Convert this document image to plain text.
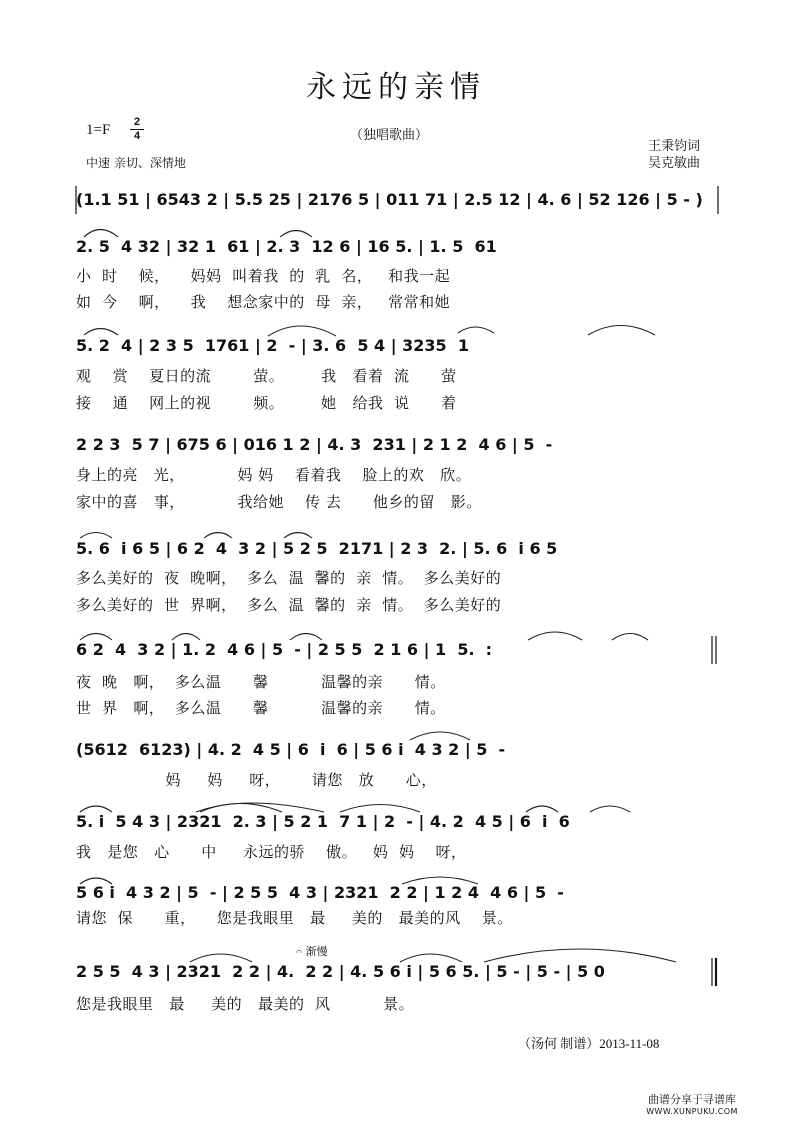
永远的亲情
1=F	2
4	（独唱歌曲）
王秉钧词
吴克敏曲
中速 亲切、深情地
(1.1 51 | 6543 2 | 5.5 25 | 2176 5 | 011 71 | 2.5 12 | 4. 6 | 52 126 | 5 - )
2. 5  4 32 | 32 1  61 | 2. 3  12 6 | 16 5. | 1. 5  61
小  时    候，    妈妈  叫着我  的  乳  名，   和我一起
如  今    啊，    我    想念家中的  母  亲，   常常和她
5. 2  4 | 2 3 5  1761 | 2  - | 3. 6  5 4 | 3235  1
观    赏    夏日的流        萤。       我   看着  流      萤
接    通    网上的视        频。       她   给我  说      着
2 2 3  5 7 | 675 6 | 016 1 2 | 4. 3  231 | 2 1 2  4 6 | 5  -
身上的亮   光，          妈 妈    看着我    脸上的欢   欣。
家中的喜   事，          我给她    传 去      他乡的留   影。
5. 6  i 6 5 | 6 2  4  3 2 | 5 2 5  2171 | 2 3  2. | 5. 6  i 6 5
多么美好的  夜  晚啊，  多么  温  馨的  亲  情。  多么美好的
多么美好的  世  界啊，  多么  温  馨的  亲  情。  多么美好的
6 2  4  3 2 | 1. 2  4 6 | 5  - | 2 5 5  2 1 6 | 1  5.  :
夜  晚   啊，  多么温      馨          温馨的亲      情。
世  界   啊，  多么温      馨          温馨的亲      情。
(5612  6123) | 4. 2  4 5 | 6  i  6 | 5 6 i  4 3 2 | 5  -
妈     妈     呀，      请您   放      心，
5. i  5 4 3 | 2321  2. 3 | 5 2 1  7 1 | 2  - | 4. 2  4 5 | 6  i  6
我   是您   心      中     永远的骄    傲。   妈  妈    呀，
5 6 i  4 3 2 | 5  - | 2 5 5  4 3 | 2321  2 2 | 1 2 4  4 6 | 5  -
请您  保      重，    您是我眼里   最     美的   最美的风    景。
𝄐 渐慢
2 5 5  4 3 | 2321  2 2 | 4.  2 2 | 4. 5 6 i | 5 6 5. | 5 - | 5 - | 5 0
您是我眼里   最     美的   最美的  风          景。
（汤何 制谱）2013-11-08
曲谱分享于寻谱库
WWW.XUNPUKU.COM
